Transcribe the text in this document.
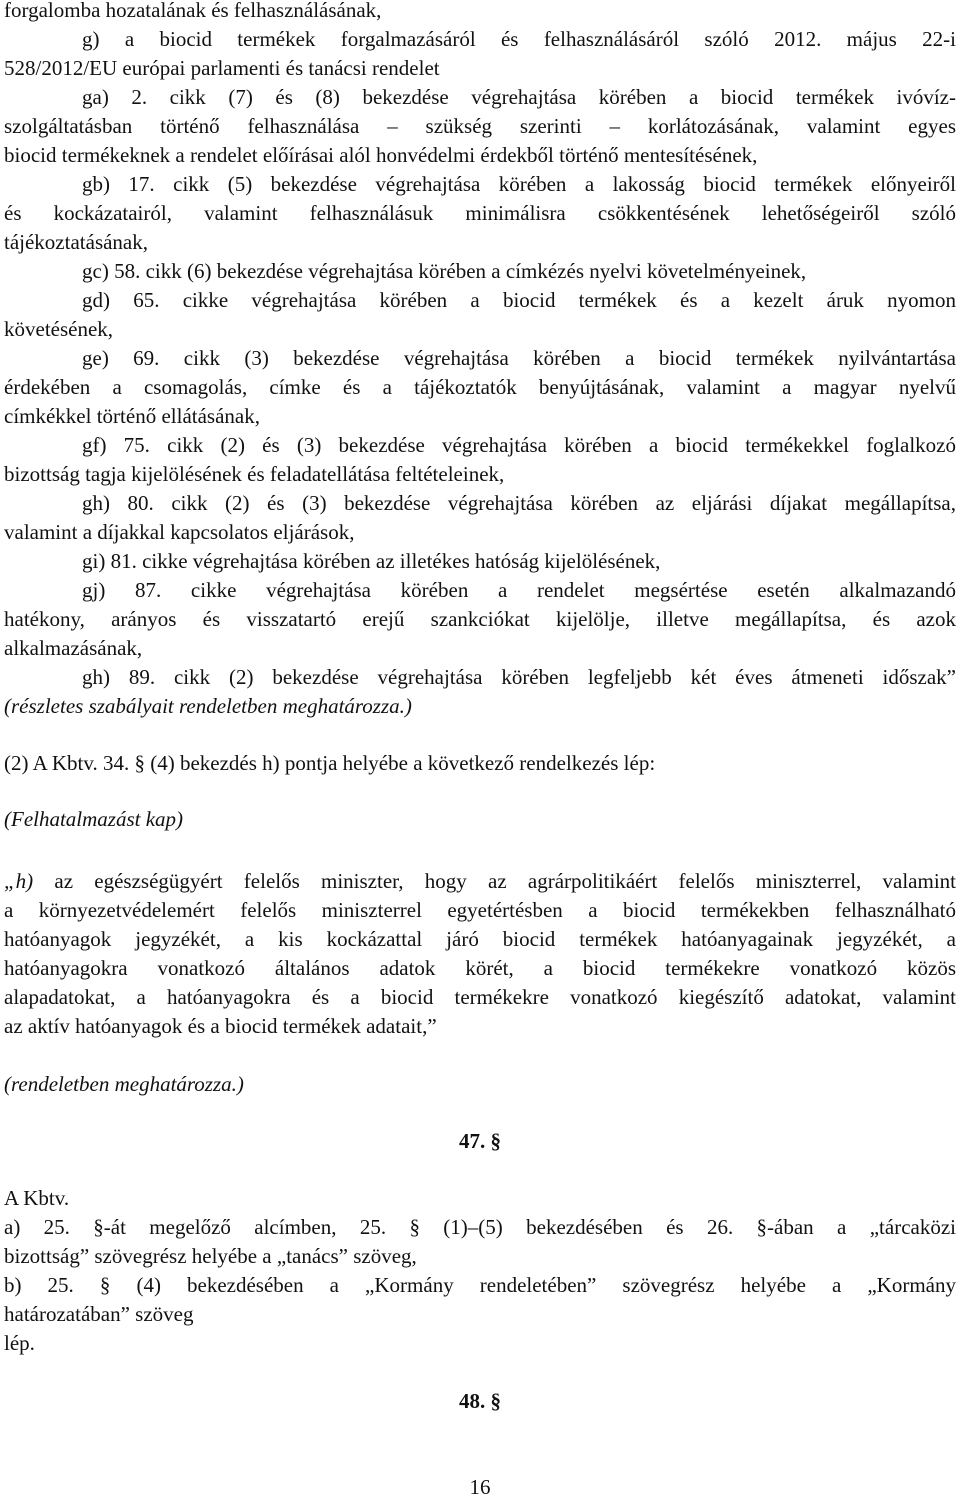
forgalomba hozatalának és felhasználásának,
g) a biocid termékek forgalmazásáról és felhasználásáról szóló 2012. május 22-i
528/2012/EU európai parlamenti és tanácsi rendelet
ga) 2. cikk (7) és (8) bekezdése végrehajtása körében a biocid termékek ivóvíz-
szolgáltatásban történő felhasználása – szükség szerinti – korlátozásának, valamint egyes
biocid termékeknek a rendelet előírásai alól honvédelmi érdekből történő mentesítésének,
gb) 17. cikk (5) bekezdése végrehajtása körében a lakosság biocid termékek előnyeiről
és kockázatairól, valamint felhasználásuk minimálisra csökkentésének lehetőségeiről szóló
tájékoztatásának,
gc) 58. cikk (6) bekezdése végrehajtása körében a címkézés nyelvi követelményeinek,
gd) 65. cikke végrehajtása körében a biocid termékek és a kezelt áruk nyomon
követésének,
ge) 69. cikk (3) bekezdése végrehajtása körében a biocid termékek nyilvántartása
érdekében a csomagolás, címke és a tájékoztatók benyújtásának, valamint a magyar nyelvű
címkékkel történő ellátásának,
gf) 75. cikk (2) és (3) bekezdése végrehajtása körében a biocid termékekkel foglalkozó
bizottság tagja kijelölésének és feladatellátása feltételeinek,
gh) 80. cikk (2) és (3) bekezdése végrehajtása körében az eljárási díjakat megállapítsa,
valamint a díjakkal kapcsolatos eljárások,
gi) 81. cikke végrehajtása körében az illetékes hatóság kijelölésének,
gj) 87. cikke végrehajtása körében a rendelet megsértése esetén alkalmazandó
hatékony, arányos és visszatartó erejű szankciókat kijelölje, illetve megállapítsa, és azok
alkalmazásának,
gh) 89. cikk (2) bekezdése végrehajtása körében legfeljebb két éves átmeneti időszak”
(részletes szabályait rendeletben meghatározza.)
(2) A Kbtv. 34. § (4) bekezdés h) pontja helyébe a következő rendelkezés lép:
(Felhatalmazást kap)
„h) az egészségügyért felelős miniszter, hogy az agrárpolitikáért felelős miniszterrel, valamint
a környezetvédelemért felelős miniszterrel egyetértésben a biocid termékekben felhasználható
hatóanyagok jegyzékét, a kis kockázattal járó biocid termékek hatóanyagainak jegyzékét, a
hatóanyagokra vonatkozó általános adatok körét, a biocid termékekre vonatkozó közös
alapadatokat, a hatóanyagokra és a biocid termékekre vonatkozó kiegészítő adatokat, valamint
az aktív hatóanyagok és a biocid termékek adatait,”
(rendeletben meghatározza.)
47. §
A Kbtv.
a) 25. §-át megelőző alcímben, 25. § (1)–(5) bekezdésében és 26. §-ában a „tárcaközi
bizottság” szövegrész helyébe a „tanács” szöveg,
b) 25. § (4) bekezdésében a „Kormány rendeletében” szövegrész helyébe a „Kormány
határozatában” szöveg
lép.
48. §
16
